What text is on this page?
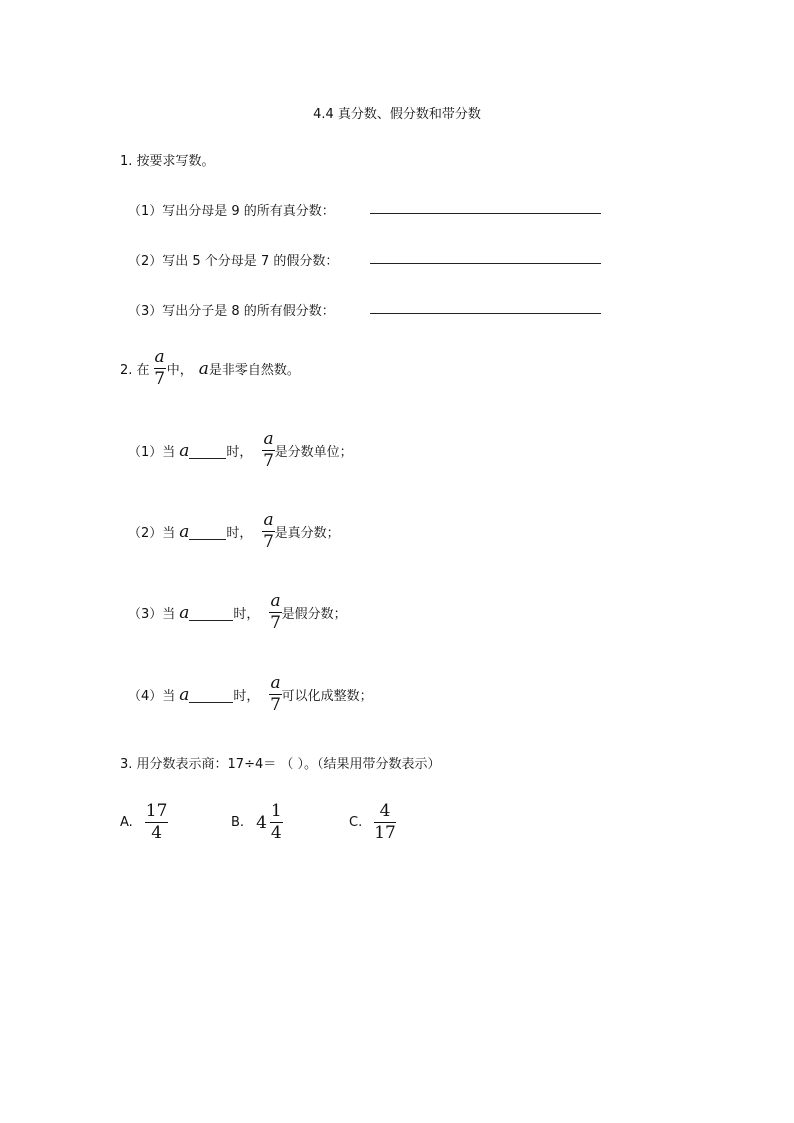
4.4 真分数、假分数和带分数
1. 按要求写数。
（1）写出分母是 9 的所有真分数：
（2）写出 5 个分母是 7 的假分数：
（3）写出分子是 8 的所有假分数：
2. 在 $\frac{a}{7}$ 中， a 是非零自然数。
（1）当 a	时， $\frac{a}{7}$ 是分数单位；
（2）当 a	时， $\frac{a}{7}$ 是真分数；
（3）当 a	时， $\frac{a}{7}$ 是假分数；
（4）当 a	时， $\frac{a}{7}$ 可以化成整数；
3. 用分数表示商：17÷4＝ （ ）。（结果用带分数表示）
A. $\frac{17}{4}$	B. $4 \frac{1}{4}$	C. $\frac{4}{17}$
